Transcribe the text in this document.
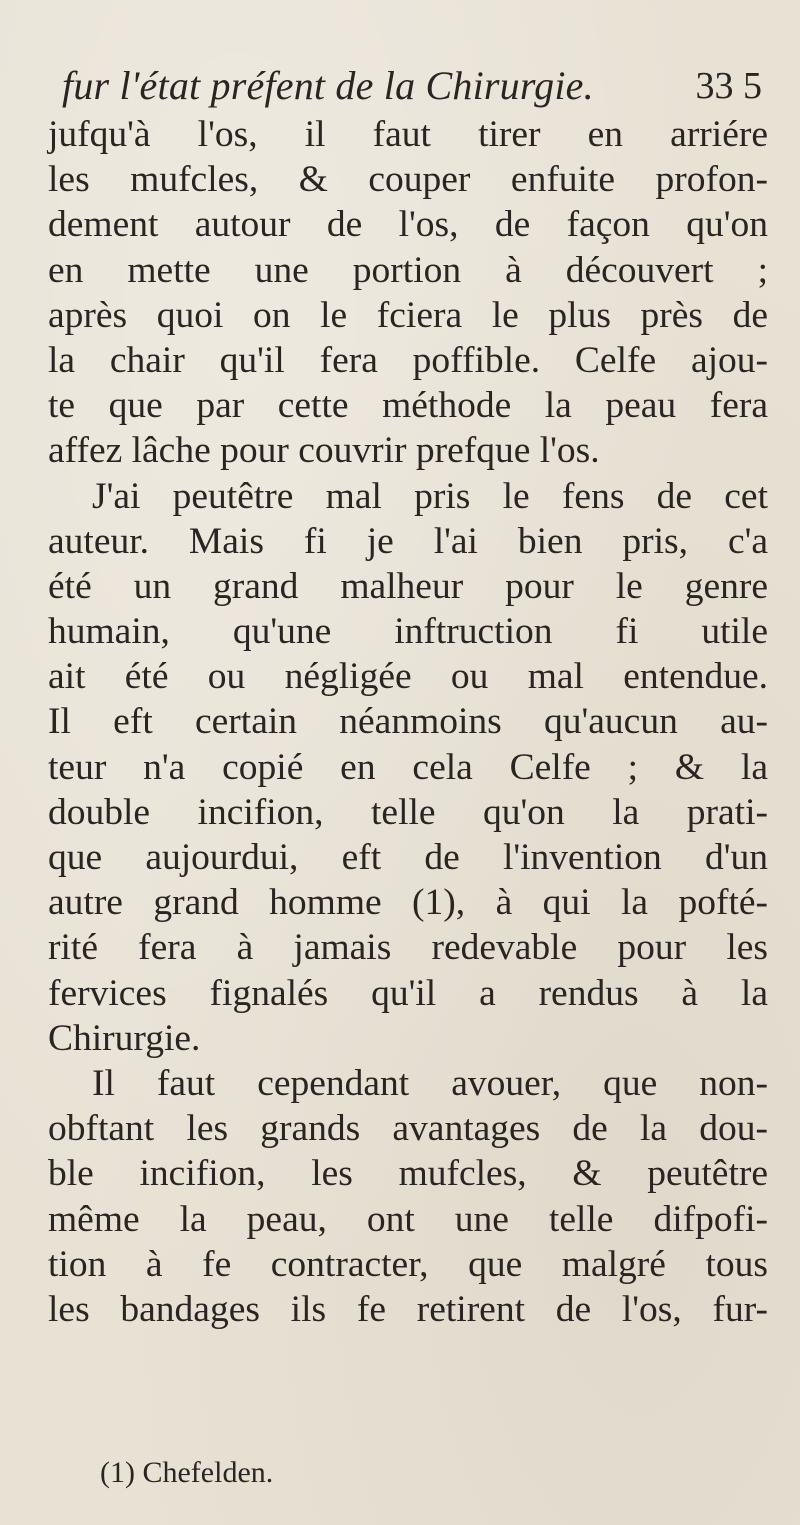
fur l'état préfent de la Chirurgie.	33 5
jufqu'à l'os, il faut tirer en arriére
les mufcles, & couper enfuite profon-
dement autour de l'os, de façon qu'on
en mette une portion à découvert ;
après quoi on le fciera le plus près de
la chair qu'il fera poffible. Celfe ajou-
te que par cette méthode la peau fera
affez lâche pour couvrir prefque l'os.
J'ai peutêtre mal pris le fens de cet
auteur. Mais fi je l'ai bien pris, c'a
été un grand malheur pour le genre
humain, qu'une inftruction fi utile
ait été ou négligée ou mal entendue.
Il eft certain néanmoins qu'aucun au-
teur n'a copié en cela Celfe ; & la
double incifion, telle qu'on la prati-
que aujourdui, eft de l'invention d'un
autre grand homme (1), à qui la pofté-
rité fera à jamais redevable pour les
fervices fignalés qu'il a rendus à la
Chirurgie.
Il faut cependant avouer, que non-
obftant les grands avantages de la dou-
ble incifion, les mufcles, & peutêtre
même la peau, ont une telle difpofi-
tion à fe contracter, que malgré tous
les bandages ils fe retirent de l'os, fur-
(1) Chefelden.
